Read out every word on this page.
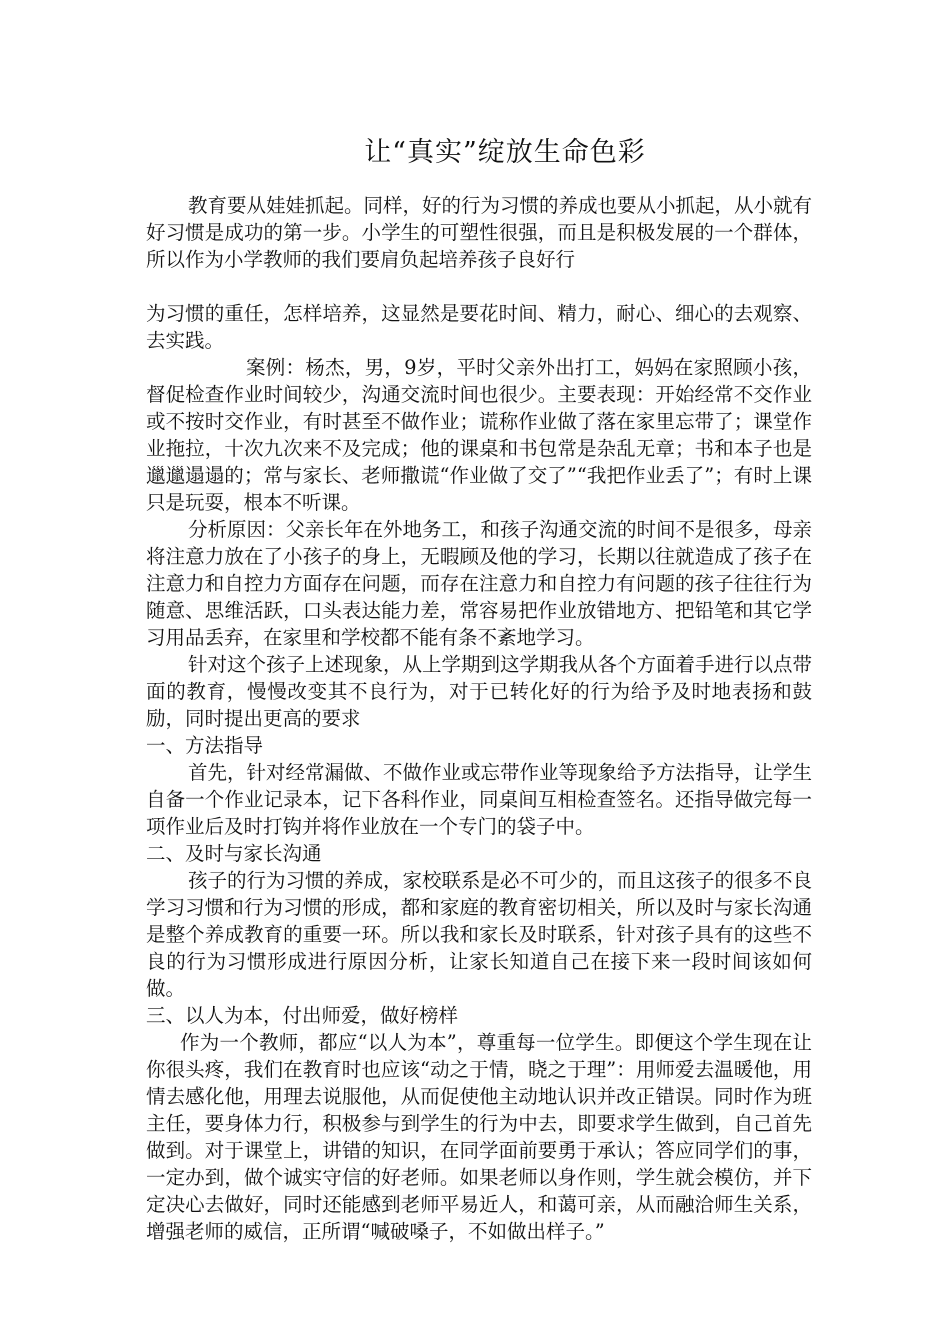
让“真实”绽放生命色彩

教育要从娃娃抓起。同样，好的行为习惯的养成也要从小抓起，从小就有好习惯是成功的第一步。小学生的可塑性很强，而且是积极发展的一个群体，所以作为小学教师的我们要肩负起培养孩子良好行

为习惯的重任，怎样培养，这显然是要花时间、精力，耐心、细心的去观察、去实践。

案例：杨杰，男，9岁，平时父亲外出打工，妈妈在家照顾小孩，督促检查作业时间较少，沟通交流时间也很少。主要表现：开始经常不交作业或不按时交作业，有时甚至不做作业；谎称作业做了落在家里忘带了；课堂作业拖拉，十次九次来不及完成；他的课桌和书包常是杂乱无章；书和本子也是邋邋遢遢的；常与家长、老师撒谎“作业做了交了”“我把作业丢了”；有时上课只是玩耍，根本不听课。

分析原因：父亲长年在外地务工，和孩子沟通交流的时间不是很多，母亲将注意力放在了小孩子的身上，无暇顾及他的学习，长期以往就造成了孩子在注意力和自控力方面存在问题，而存在注意力和自控力有问题的孩子往往行为随意、思维活跃，口头表达能力差，常容易把作业放错地方、把铅笔和其它学习用品丢弃，在家里和学校都不能有条不紊地学习。

针对这个孩子上述现象，从上学期到这学期我从各个方面着手进行以点带面的教育，慢慢改变其不良行为，对于已转化好的行为给予及时地表扬和鼓励，同时提出更高的要求

一、方法指导

首先，针对经常漏做、不做作业或忘带作业等现象给予方法指导，让学生自备一个作业记录本，记下各科作业，同桌间互相检查签名。还指导做完每一项作业后及时打钩并将作业放在一个专门的袋子中。

二、及时与家长沟通

孩子的行为习惯的养成，家校联系是必不可少的，而且这孩子的很多不良学习习惯和行为习惯的形成，都和家庭的教育密切相关，所以及时与家长沟通是整个养成教育的重要一环。所以我和家长及时联系，针对孩子具有的这些不良的行为习惯形成进行原因分析，让家长知道自己在接下来一段时间该如何做。

三、以人为本，付出师爱，做好榜样

作为一个教师，都应“以人为本”，尊重每一位学生。即便这个学生现在让你很头疼，我们在教育时也应该“动之于情，晓之于理”：用师爱去温暖他，用情去感化他，用理去说服他，从而促使他主动地认识并改正错误。同时作为班主任，要身体力行，积极参与到学生的行为中去，即要求学生做到，自己首先做到。对于课堂上，讲错的知识，在同学面前要勇于承认；答应同学们的事，一定办到，做个诚实守信的好老师。如果老师以身作则，学生就会模仿，并下定决心去做好，同时还能感到老师平易近人，和蔼可亲，从而融洽师生关系，增强老师的威信，正所谓“喊破嗓子，不如做出样子。”
